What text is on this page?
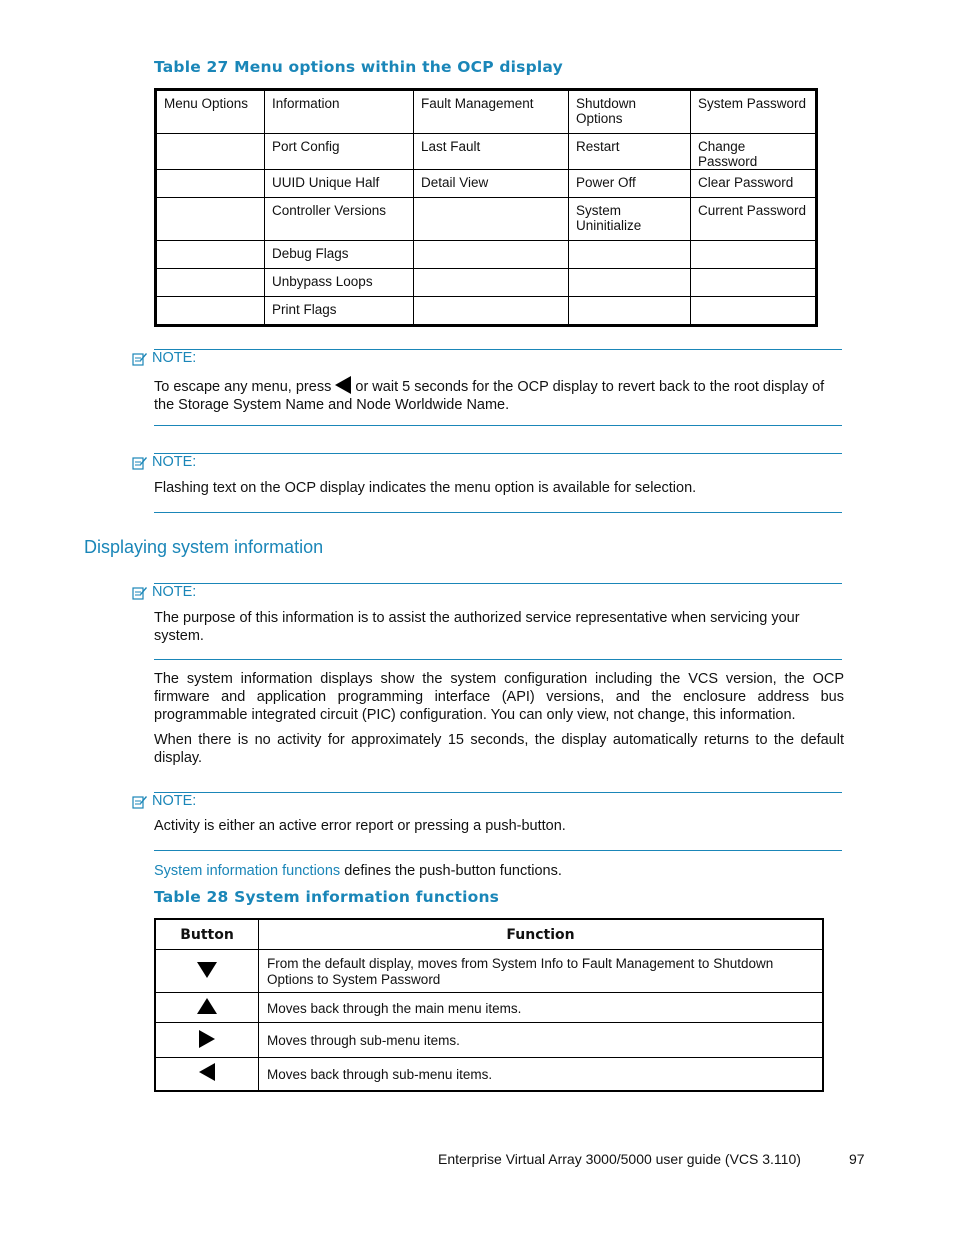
Table 27 Menu options within the OCP display
Menu Options	Information	Fault Management	Shutdown Options	System Password
	Port Config	Last Fault	Restart	Change Password
	UUID Unique Half	Detail View	Power Off	Clear Password
	Controller Versions		System Uninitialize	Current Password
	Debug Flags			
	Unbypass Loops			
	Print Flags			
NOTE:
To escape any menu, press or wait 5 seconds for the OCP display to revert back to the root display of the Storage System Name and Node Worldwide Name.
NOTE:
Flashing text on the OCP display indicates the menu option is available for selection.
Displaying system information
NOTE:
The purpose of this information is to assist the authorized service representative when servicing your system.
The system information displays show the system configuration including the VCS version, the OCP firmware and application programming interface (API) versions, and the enclosure address bus programmable integrated circuit (PIC) configuration. You can only view, not change, this information.
When there is no activity for approximately 15 seconds, the display automatically returns to the default display.
NOTE:
Activity is either an active error report or pressing a push-button.
System information functions defines the push-button functions.
Table 28 System information functions
Button	Function
	From the default display, moves from System Info to Fault Management to Shutdown Options to System Password
	Moves back through the main menu items.
	Moves through sub-menu items.
	Moves back through sub-menu items.
Enterprise Virtual Array 3000/5000 user guide (VCS 3.110)	97
